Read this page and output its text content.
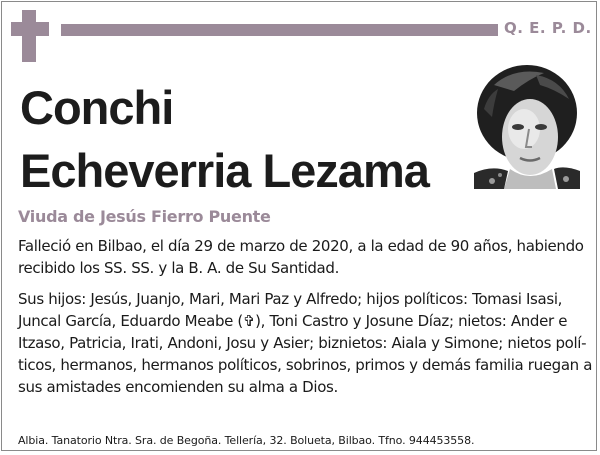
Q. E. P. D.
Conchi
Echeverria Lezama
Viuda de Jesús Fierro Puente
Falleció en Bilbao, el día 29 de marzo de 2020, a la edad de 90 años, habiendo
recibido los SS. SS. y la B. A. de Su Santidad.
Sus hijos: Jesús, Juanjo, Mari, Mari Paz y Alfredo; hijos políticos: Tomasi Isasi,
Juncal García, Eduardo Meabe (✞), Toni Castro y Josune Díaz; nietos: Ander e
Itzaso, Patricia, Irati, Andoni, Josu y Asier; biznietos: Aiala y Simone; nietos polí-
ticos, hermanos, hermanos políticos, sobrinos, primos y demás familia ruegan a
sus amistades encomienden su alma a Dios.
Albia. Tanatorio Ntra. Sra. de Begoña. Tellería, 32. Bolueta, Bilbao. Tfno. 944453558.
